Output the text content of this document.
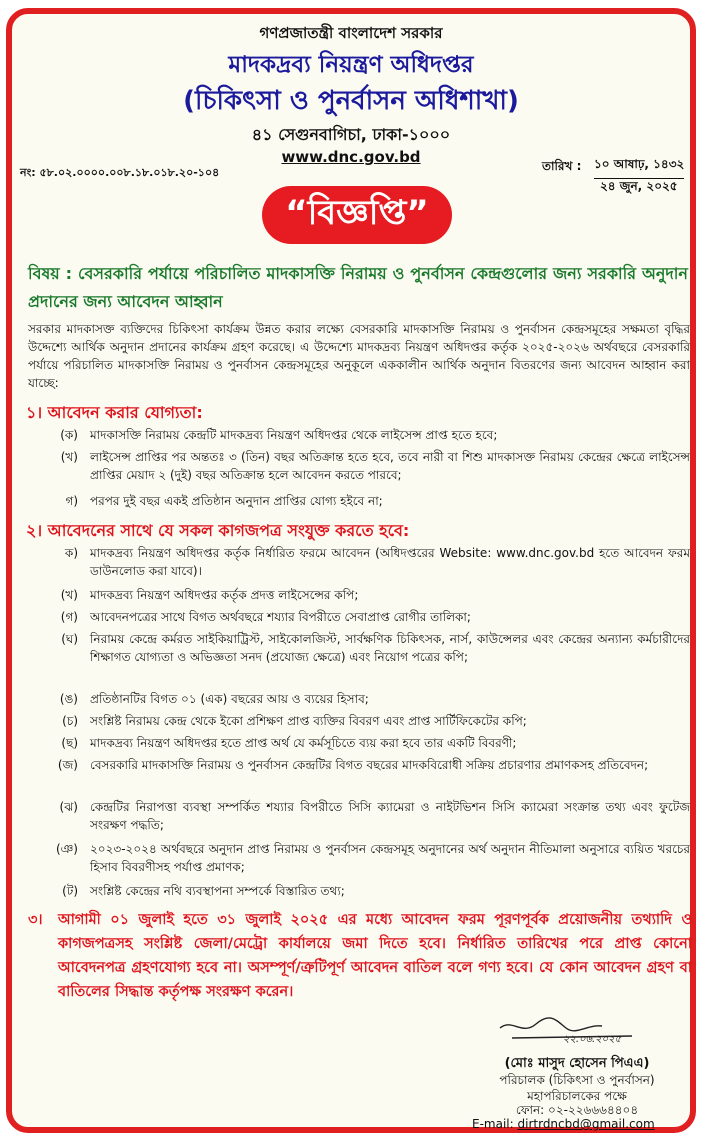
গণপ্রজাতন্ত্রী বাংলাদেশ সরকার
মাদকদ্রব্য নিয়ন্ত্রণ অধিদপ্তর
(চিকিৎসা ও পুনর্বাসন অধিশাখা)
৪১ সেগুনবাগিচা, ঢাকা-১০০০
www.dnc.gov.bd
নং: ৫৮.০২.০০০০.০০৮.১৮.০১৮.২০-১০৪	তারিখ : ১০ আষাঢ়, ১৪৩২
২৪ জুন, ২০২৫
“বিজ্ঞপ্তি”
বিষয় : বেসরকারি পর্যায়ে পরিচালিত মাদকাসক্তি নিরাময় ও পুনর্বাসন কেন্দ্রগুলোর জন্য সরকারি অনুদান প্রদানের জন্য আবেদন আহ্বান
সরকার মাদকাসক্ত ব্যক্তিদের চিকিৎসা কার্যক্রম উন্নত করার লক্ষ্যে বেসরকারি মাদকাসক্তি নিরাময় ও পুনর্বাসন কেন্দ্রসমূহের সক্ষমতা বৃদ্ধির উদ্দেশ্যে আর্থিক অনুদান প্রদানের কার্যক্রম গ্রহণ করেছে। এ উদ্দেশ্যে মাদকদ্রব্য নিয়ন্ত্রণ অধিদপ্তর কর্তৃক ২০২৫-২০২৬ অর্থবছরে বেসরকারি পর্যায়ে পরিচালিত মাদকাসক্তি নিরাময় ও পুনর্বাসন কেন্দ্রসমূহের অনুকূলে এককালীন আর্থিক অনুদান বিতরণের জন্য আবেদন আহ্বান করা যাচ্ছে:
১। আবেদন করার যোগ্যতা:
(ক)	মাদকাসক্তি নিরাময় কেন্দ্রটি মাদকদ্রব্য নিয়ন্ত্রণ অধিদপ্তর থেকে লাইসেন্স প্রাপ্ত হতে হবে;
(খ)	লাইসেন্স প্রাপ্তির পর অন্ততঃ ৩ (তিন) বছর অতিক্রান্ত হতে হবে, তবে নারী বা শিশু মাদকাসক্ত নিরাময় কেন্দ্রের ক্ষেত্রে লাইসেন্স প্রাপ্তির মেয়াদ ২ (দুই) বছর অতিক্রান্ত হলে আবেদন করতে পারবে;
গ)	পরপর দুই বছর একই প্রতিষ্ঠান অনুদান প্রাপ্তির যোগ্য হইবে না;
২। আবেদনের সাথে যে সকল কাগজপত্র সংযুক্ত করতে হবে:
ক)	মাদকদ্রব্য নিয়ন্ত্রণ অধিদপ্তর কর্তৃক নির্ধারিত ফরমে আবেদন (অধিদপ্তরের Website: www.dnc.gov.bd হতে আবেদন ফরম ডাউনলোড করা যাবে)।
(খ)	মাদকদ্রব্য নিয়ন্ত্রণ অধিদপ্তর কর্তৃক প্রদত্ত লাইসেন্সের কপি;
(গ)	আবেদনপত্রের সাথে বিগত অর্থবছরে শয্যার বিপরীতে সেবাপ্রাপ্ত রোগীর তালিকা;
(ঘ)	নিরাময় কেন্দ্রে কর্মরত সাইকিয়াট্রিস্ট, সাইকোলজিস্ট, সার্বক্ষণিক চিকিৎসক, নার্স, কাউন্সেলর এবং কেন্দ্রের অন্যান্য কর্মচারীদের শিক্ষাগত যোগ্যতা ও অভিজ্ঞতা সনদ (প্রযোজ্য ক্ষেত্রে) এবং নিয়োগ পত্রের কপি;
(ঙ)	প্রতিষ্ঠানটির বিগত ০১ (এক) বছরের আয় ও ব্যয়ের হিসাব;
(চ)	সংশ্লিষ্ট নিরাময় কেন্দ্র থেকে ইকো প্রশিক্ষণ প্রাপ্ত ব্যক্তির বিবরণ এবং প্রাপ্ত সার্টিফিকেটের কপি;
(ছ)	মাদকদ্রব্য নিয়ন্ত্রণ অধিদপ্তর হতে প্রাপ্ত অর্থ যে কর্মসূচিতে ব্যয় করা হবে তার একটি বিবরণী;
(জ)	বেসরকারি মাদকাসক্তি নিরাময় ও পুনর্বাসন কেন্দ্রটির বিগত বছরের মাদকবিরোধী সক্রিয় প্রচারণার প্রমাণকসহ প্রতিবেদন;
(ঝ)	কেন্দ্রটির নিরাপত্তা ব্যবস্থা সম্পর্কিত শয্যার বিপরীতে সিসি ক্যামেরা ও নাইটভিশন সিসি ক্যামেরা সংক্রান্ত তথ্য এবং ফুটেজ সংরক্ষণ পদ্ধতি;
(ঞ)	২০২৩-২০২৪ অর্থবছরে অনুদান প্রাপ্ত নিরাময় ও পুনর্বাসন কেন্দ্রসমূহ অনুদানের অর্থ অনুদান নীতিমালা অনুসারে ব্যয়িত খরচের হিসাব বিবরণীসহ পর্যাপ্ত প্রমাণক;
(ট)	সংশ্লিষ্ট কেন্দ্রের নথি ব্যবস্থাপনা সম্পর্কে বিস্তারিত তথ্য;
৩।	আগামী ০১ জুলাই হতে ৩১ জুলাই ২০২৫ এর মধ্যে আবেদন ফরম পূরণপূর্বক প্রয়োজনীয় তথ্যাদি ও কাগজপত্রসহ সংশ্লিষ্ট জেলা/মেট্রো কার্যালয়ে জমা দিতে হবে। নির্ধারিত তারিখের পরে প্রাপ্ত কোনো আবেদনপত্র গ্রহণযোগ্য হবে না। অসম্পূর্ণ/ত্রুটিপূর্ণ আবেদন বাতিল বলে গণ্য হবে। যে কোন আবেদন গ্রহণ বা বাতিলের সিদ্ধান্ত কর্তৃপক্ষ সংরক্ষণ করেন।
২২.০৬.২০২৫
(মোঃ মাসুদ হোসেন পিএএ)
পরিচালক (চিকিৎসা ও পুনর্বাসন)
মহাপরিচালকের পক্ষে
ফোন: ০২-২২৬৬৬৪৪০৪
E-mail: dirtrdncbd@gmail.com
